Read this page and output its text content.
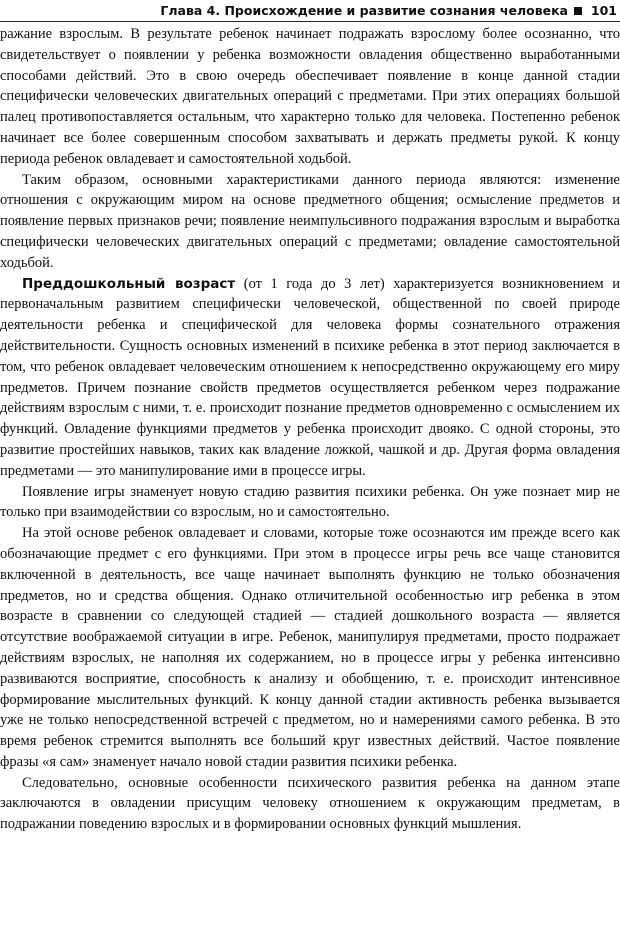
Глава 4. Происхождение и развитие сознания человека 101

ражание взрослым. В результате ребенок начинает подражать взрослому более осознанно, что свидетельствует о появлении у ребенка возможности овладения общественно выработанными способами действий. Это в свою очередь обеспечивает появление в конце данной стадии специфически человеческих двигательных операций с предметами. При этих операциях большой палец противопоставляется остальным, что характерно только для человека. Постепенно ребенок начинает все более совершенным способом захватывать и держать предметы рукой. К концу периода ребенок овладевает и самостоятельной ходьбой.

Таким образом, основными характеристиками данного периода являются: изменение отношения с окружающим миром на основе предметного общения; осмысление предметов и появление первых признаков речи; появление неимпульсивного подражания взрослым и выработка специфически человеческих двигательных операций с предметами; овладение самостоятельной ходьбой.

Преддошкольный возраст (от 1 года до 3 лет) характеризуется возникновением и первоначальным развитием специфически человеческой, общественной по своей природе деятельности ребенка и специфической для человека формы сознательного отражения действительности. Сущность основных изменений в психике ребенка в этот период заключается в том, что ребенок овладевает человеческим отношением к непосредственно окружающему его миру предметов. Причем познание свойств предметов осуществляется ребенком через подражание действиям взрослым с ними, т. е. происходит познание предметов одновременно с осмыслением их функций. Овладение функциями предметов у ребенка происходит двояко. С одной стороны, это развитие простейших навыков, таких как владение ложкой, чашкой и др. Другая форма овладения предметами — это манипулирование ими в процессе игры.

Появление игры знаменует новую стадию развития психики ребенка. Он уже познает мир не только при взаимодействии со взрослым, но и самостоятельно.

На этой основе ребенок овладевает и словами, которые тоже осознаются им прежде всего как обозначающие предмет с его функциями. При этом в процессе игры речь все чаще становится включенной в деятельность, все чаще начинает выполнять функцию не только обозначения предметов, но и средства общения. Однако отличительной особенностью игр ребенка в этом возрасте в сравнении со следующей стадией — стадией дошкольного возраста — является отсутствие воображаемой ситуации в игре. Ребенок, манипулируя предметами, просто подражает действиям взрослых, не наполняя их содержанием, но в процессе игры у ребенка интенсивно развиваются восприятие, способность к анализу и обобщению, т. е. происходит интенсивное формирование мыслительных функций. К концу данной стадии активность ребенка вызывается уже не только непосредственной встречей с предметом, но и намерениями самого ребенка. В это время ребенок стремится выполнять все больший круг известных действий. Частое появление фразы «я сам» знаменует начало новой стадии развития психики ребенка.

Следовательно, основные особенности психического развития ребенка на данном этапе заключаются в овладении присущим человеку отношением к окружающим предметам, в подражании поведению взрослых и в формировании основных функций мышления.
